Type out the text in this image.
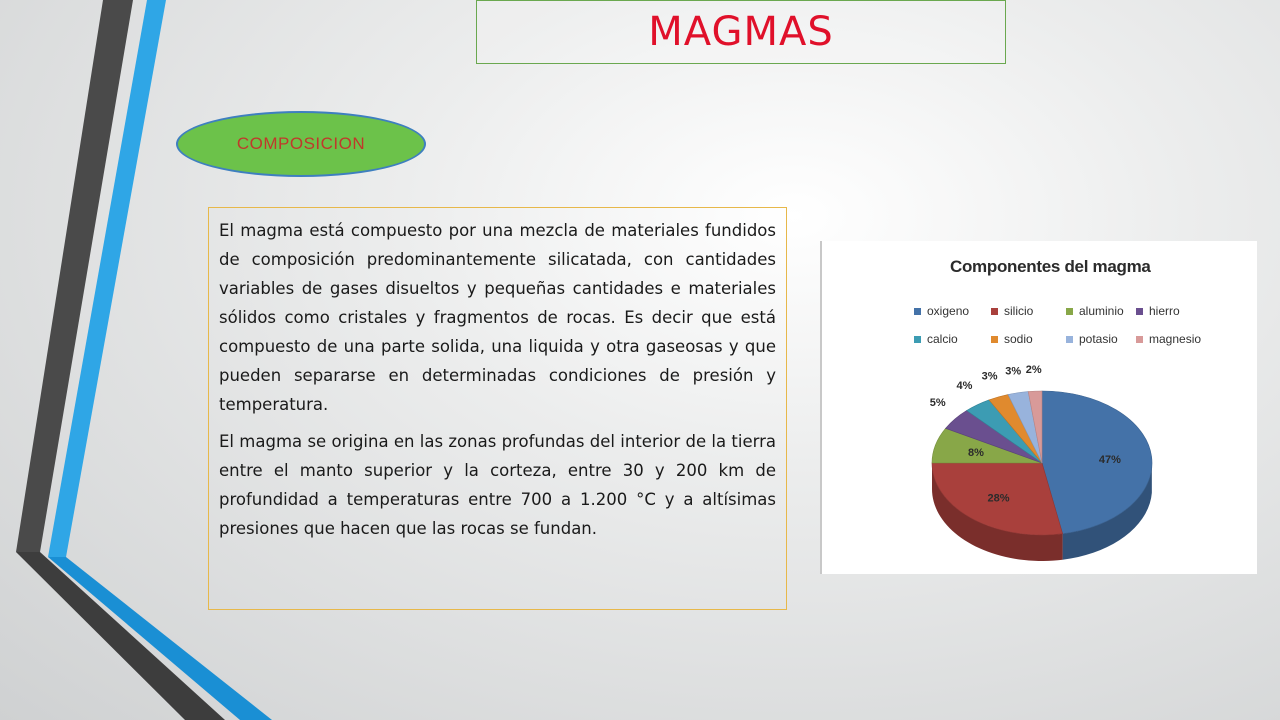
MAGMAS
COMPOSICION

El magma está compuesto por una mezcla de materiales fundidos de composición predominantemente silicatada, con cantidades variables de gases disueltos y pequeñas cantidades e materiales sólidos como cristales y fragmentos de rocas. Es decir que está compuesto de una parte solida, una liquida y otra gaseosas y que pueden separarse en determinadas condiciones de presión y temperatura.

El magma se origina en las zonas profundas del interior de la tierra entre el manto superior y la corteza, entre 30 y 200 km de profundidad a temperaturas entre 700 a 1.200 °C y a altísimas presiones que hacen que las rocas se fundan.

Componentes del magma
oxigeno	silicio	aluminio hierro
calcio	sodio	potasio	magnesio
47%
28%
8%
5%
4%
3% 3% 2%
